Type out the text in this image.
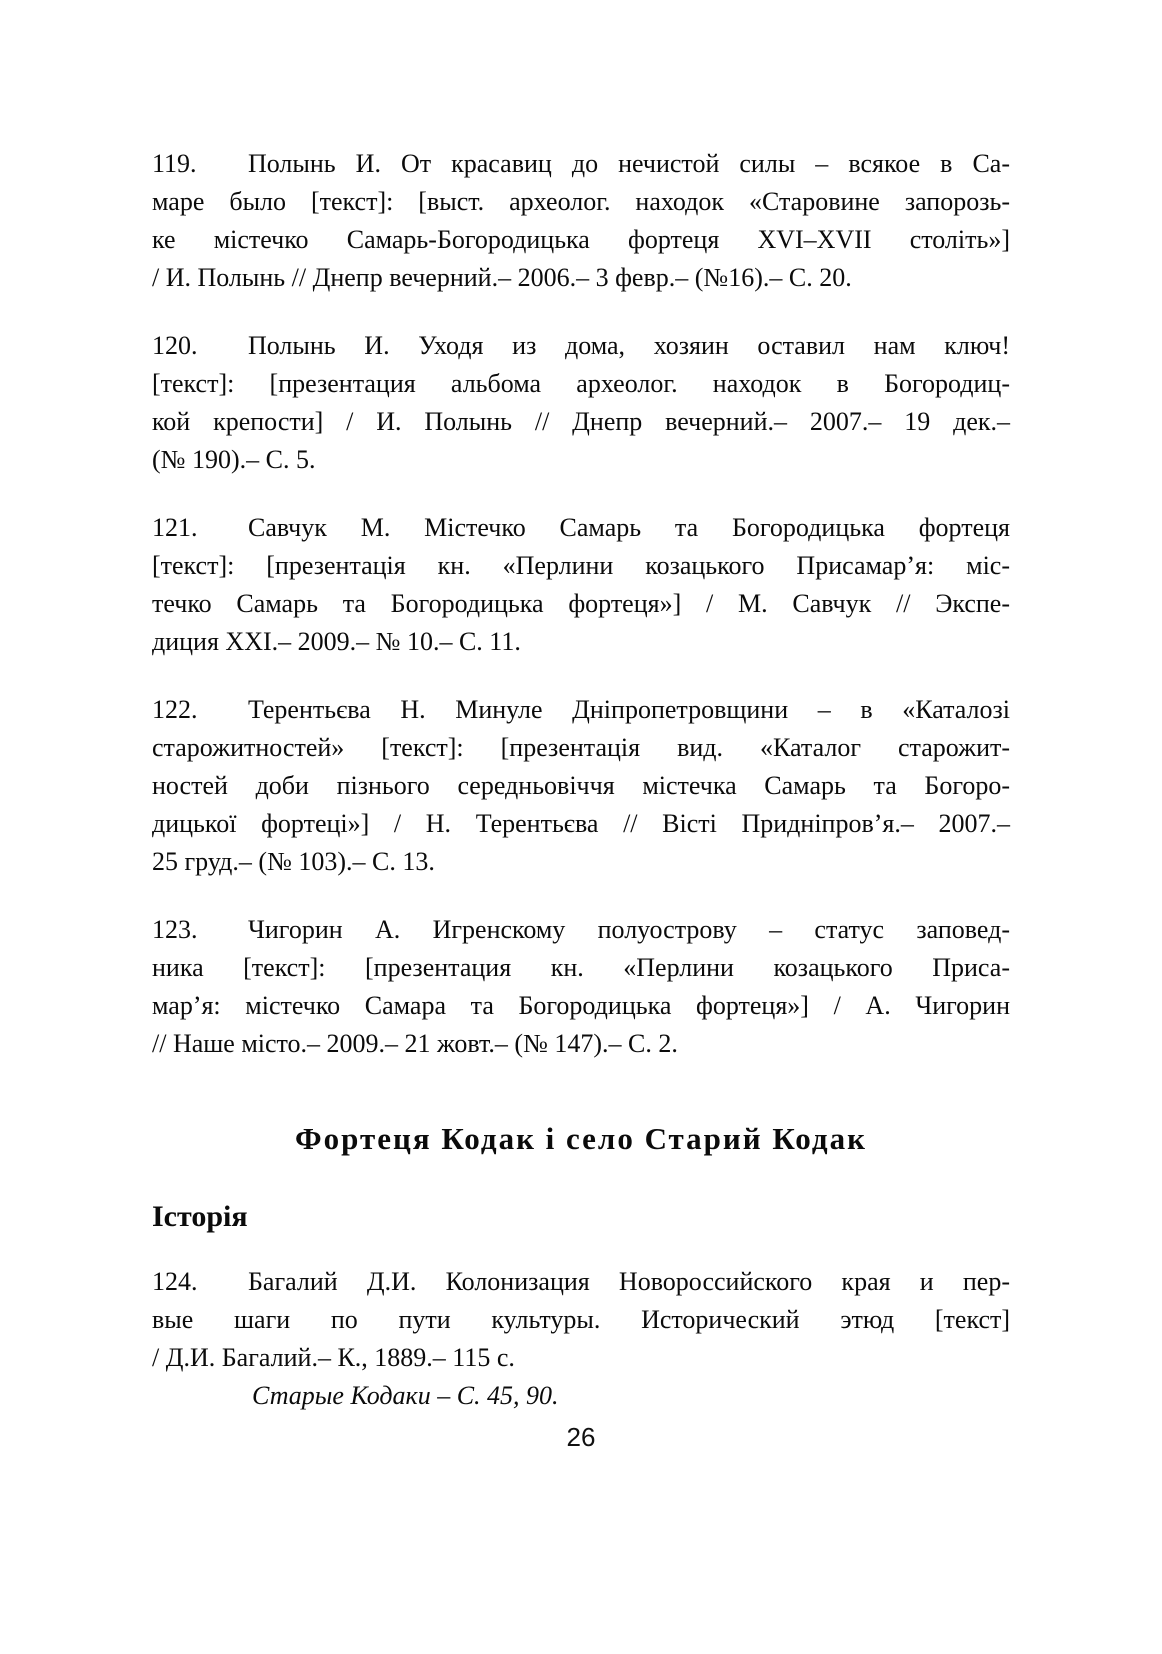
119. Полынь И. От красавиц до нечистой силы – всякое в Са-
маре было [текст]: [выст. археолог. находок «Старовине запорозь-
ке містечко Самарь-Богородицька фортеця XVI–XVII століть»]
/ И. Полынь // Днепр вечерний.– 2006.– 3 февр.– (№16).– С. 20.
120. Полынь И. Уходя из дома, хозяин оставил нам ключ!
[текст]: [презентация альбома археолог. находок в Богородиц-
кой крепости] / И. Полынь // Днепр вечерний.– 2007.– 19 дек.–
(№ 190).– С. 5.
121. Савчук М. Містечко Самарь та Богородицька фортеця
[текст]: [презентація кн. «Перлини козацького Присамар’я: міс-
течко Самарь та Богородицька фортеця»] / М. Савчук // Экспе-
диция XXI.– 2009.– № 10.– С. 11.
122. Терентьєва Н. Минуле Дніпропетровщини – в «Каталозі
старожитностей» [текст]: [презентація вид. «Каталог старожит-
ностей доби пізнього середньовіччя містечка Самарь та Богоро-
дицької фортеці»] / Н. Терентьєва // Вісті Придніпров’я.– 2007.–
25 груд.– (№ 103).– С. 13.
123. Чигорин А. Игренскому полуострову – статус заповед-
ника [текст]: [презентация кн. «Перлини козацького Приса-
мар’я: містечко Самара та Богородицька фортеця»] / А. Чигорин
// Наше місто.– 2009.– 21 жовт.– (№ 147).– С. 2.
Фортеця Кодак і село Старий Кодак
Історія
124. Багалий Д.И. Колонизация Новороссийского края и пер-
вые шаги по пути культуры. Исторический этюд [текст]
/ Д.И. Багалий.– К., 1889.– 115 с.
Старые Кодаки – С. 45, 90.
26
